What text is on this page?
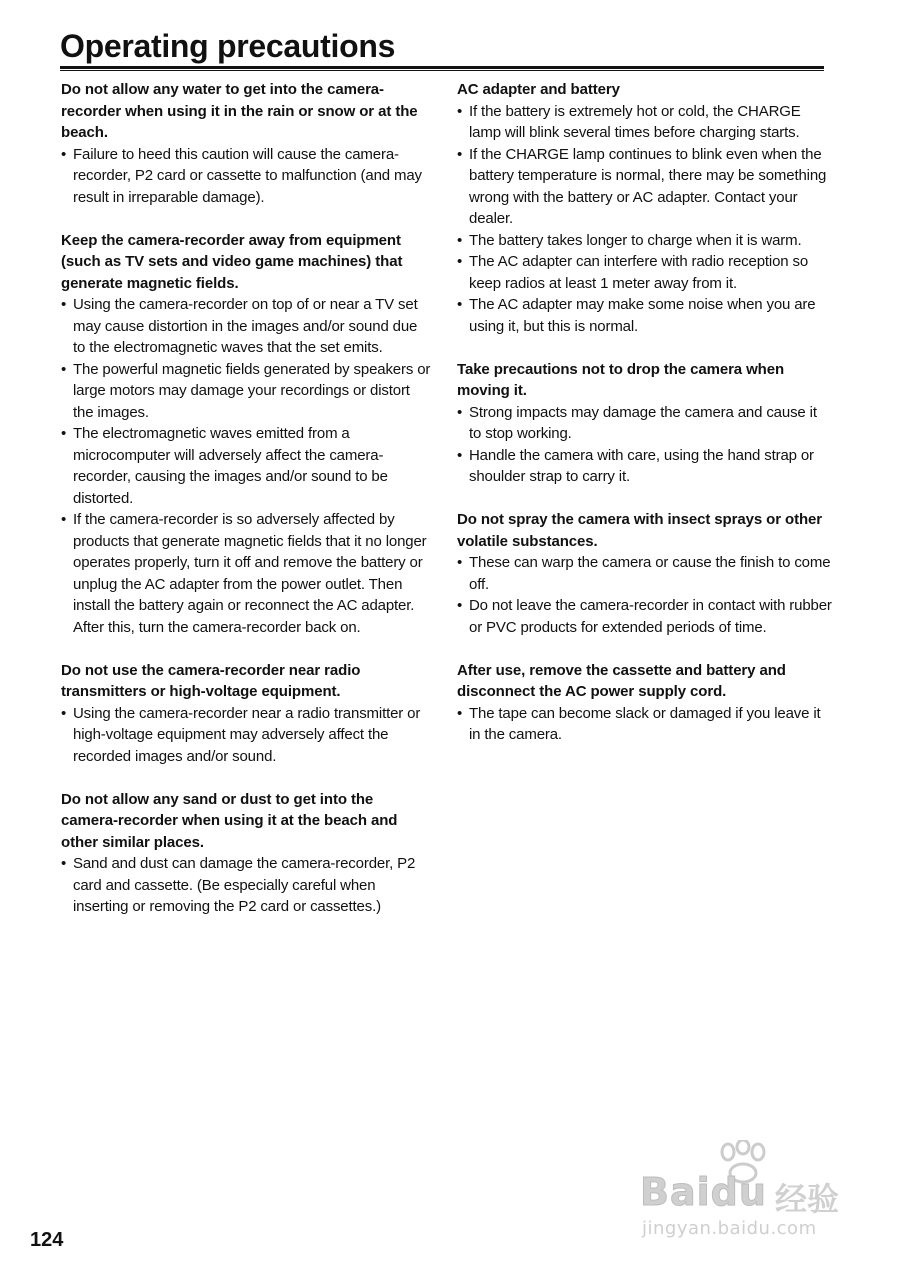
Operating precautions

Do not allow any water to get into the camera-recorder when using it in the rain or snow or at the beach.

• Failure to heed this caution will cause the camera-recorder, P2 card or cassette to malfunction (and may result in irreparable damage).

Keep the camera-recorder away from equipment (such as TV sets and video game machines) that generate magnetic fields.

• Using the camera-recorder on top of or near a TV set may cause distortion in the images and/or sound due to the electromagnetic waves that the set emits.
• The powerful magnetic fields generated by speakers or large motors may damage your recordings or distort the images.
• The electromagnetic waves emitted from a microcomputer will adversely affect the camera-recorder, causing the images and/or sound to be distorted.
• If the camera-recorder is so adversely affected by products that generate magnetic fields that it no longer operates properly, turn it off and remove the battery or unplug the AC adapter from the power outlet. Then install the battery again or reconnect the AC adapter. After this, turn the camera-recorder back on.

Do not use the camera-recorder near radio transmitters or high-voltage equipment.

• Using the camera-recorder near a radio transmitter or high-voltage equipment may adversely affect the recorded images and/or sound.

Do not allow any sand or dust to get into the camera-recorder when using it at the beach and other similar places.

• Sand and dust can damage the camera-recorder, P2 card and cassette. (Be especially careful when inserting or removing the P2 card or cassettes.)

AC adapter and battery

• If the battery is extremely hot or cold, the CHARGE lamp will blink several times before charging starts.
• If the CHARGE lamp continues to blink even when the battery temperature is normal, there may be something wrong with the battery or AC adapter. Contact your dealer.
• The battery takes longer to charge when it is warm.
• The AC adapter can interfere with radio reception so keep radios at least 1 meter away from it.
• The AC adapter may make some noise when you are using it, but this is normal.

Take precautions not to drop the camera when moving it.

• Strong impacts may damage the camera and cause it to stop working.
• Handle the camera with care, using the hand strap or shoulder strap to carry it.

Do not spray the camera with insect sprays or other volatile substances.

• These can warp the camera or cause the finish to come off.
• Do not leave the camera-recorder in contact with rubber or PVC products for extended periods of time.

After use, remove the cassette and battery and disconnect the AC power supply cord.

• The tape can become slack or damaged if you leave it in the camera.
124
Baidu 经验
jingyan.baidu.com
